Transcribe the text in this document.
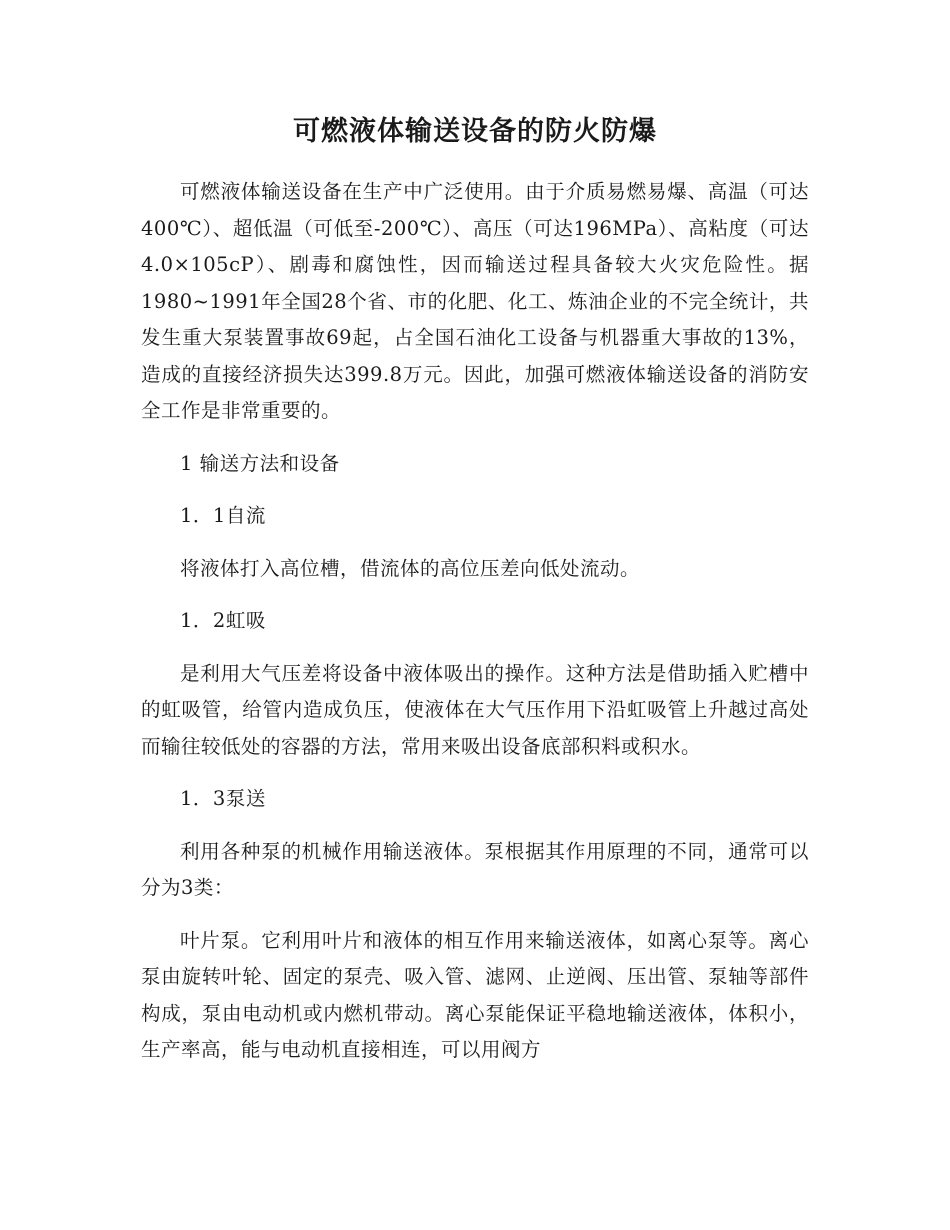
可燃液体输送设备的防火防爆

可燃液体输送设备在生产中广泛使用。由于介质易燃易爆、高温（可达400℃）、超低温（可低至-200℃）、高压（可达196MPa）、高粘度（可达4.0×105cP）、剧毒和腐蚀性，因而输送过程具备较大火灾危险性。据1980~1991年全国28个省、市的化肥、化工、炼油企业的不完全统计，共发生重大泵装置事故69起，占全国石油化工设备与机器重大事故的13%，造成的直接经济损失达399.8万元。因此，加强可燃液体输送设备的消防安全工作是非常重要的。

1 输送方法和设备

1．1自流

将液体打入高位槽，借流体的高位压差向低处流动。

1．2虹吸

是利用大气压差将设备中液体吸出的操作。这种方法是借助插入贮槽中的虹吸管，给管内造成负压，使液体在大气压作用下沿虹吸管上升越过高处而输往较低处的容器的方法，常用来吸出设备底部积料或积水。

1．3泵送

利用各种泵的机械作用输送液体。泵根据其作用原理的不同，通常可以分为3类：

叶片泵。它利用叶片和液体的相互作用来输送液体，如离心泵等。离心泵由旋转叶轮、固定的泵壳、吸入管、滤网、止逆阀、压出管、泵轴等部件构成，泵由电动机或内燃机带动。离心泵能保证平稳地输送液体，体积小，生产率高，能与电动机直接相连，可以用阀方
